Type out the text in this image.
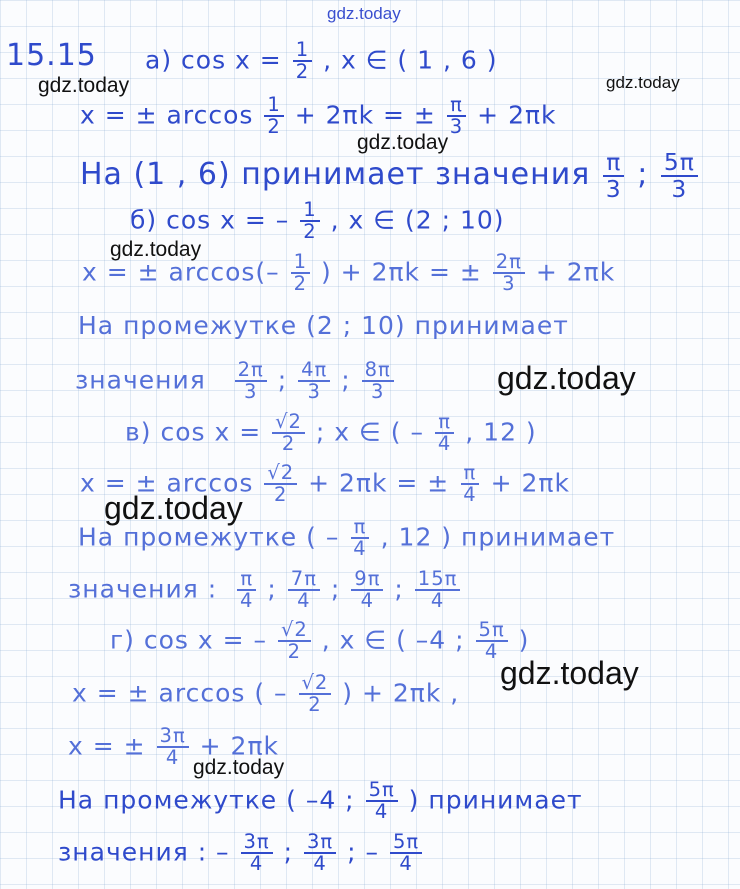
gdz.today
gdz.today	gdz.today
gdz.today
gdz.today
gdz.today
gdz.today
gdz.today
gdz.today
15.15 а) $\cos x = \frac{1}{2}$ , x ∈ ( 1 , 6 )
x = ± $\arccos \frac{1}{2} + 2\pi k$ = ± $\frac{\pi}{3} + 2\pi k$
На (1 , 6) принимает значения $\frac{\pi}{3}$ ; $\frac{5\pi}{3}$
б) cos x = – $\frac{1}{2}$ , x ∈ (2 ; 10)
x = ± $\arccos(- \frac{1}{2}$ ) + 2πk = ± $\frac{2\pi}{3} + 2\pi k$
На промежутке (2 ; 10) принимает
значения $\frac{2\pi}{3}$ ; $\frac{4\pi}{3}$ ; $\frac{8\pi}{3}$
в) $\cos x = \frac{√2}{2}$ ; x ∈ ( – $\frac{\pi}{4}$ , 12 )
x = ± $\arccos \frac{√2}{2} + 2\pi k$ = ± $\frac{\pi}{4} + 2\pi k$
На промежутке ( – $\frac{\pi}{4}$ , 12 ) принимает
значения : $\frac{\pi}{4}$ ; $\frac{7\pi}{4}$ ; $\frac{9\pi}{4}$ ; $\frac{15\pi}{4}$
г) cos x = – $\frac{√2}{2}$ , x ∈ ( –4 ; $\frac{5\pi}{4}$ )
x = ± arccos ( – $\frac{√2}{2}$ ) + 2πk ,
x = ± $\frac{3\pi}{4} + 2\pi k$
На промежутке ( –4 ; $\frac{5\pi}{4}$ ) принимает
значения : – $\frac{3\pi}{4}$ ; $\frac{3\pi}{4}$ ; – $\frac{5\pi}{4}$
